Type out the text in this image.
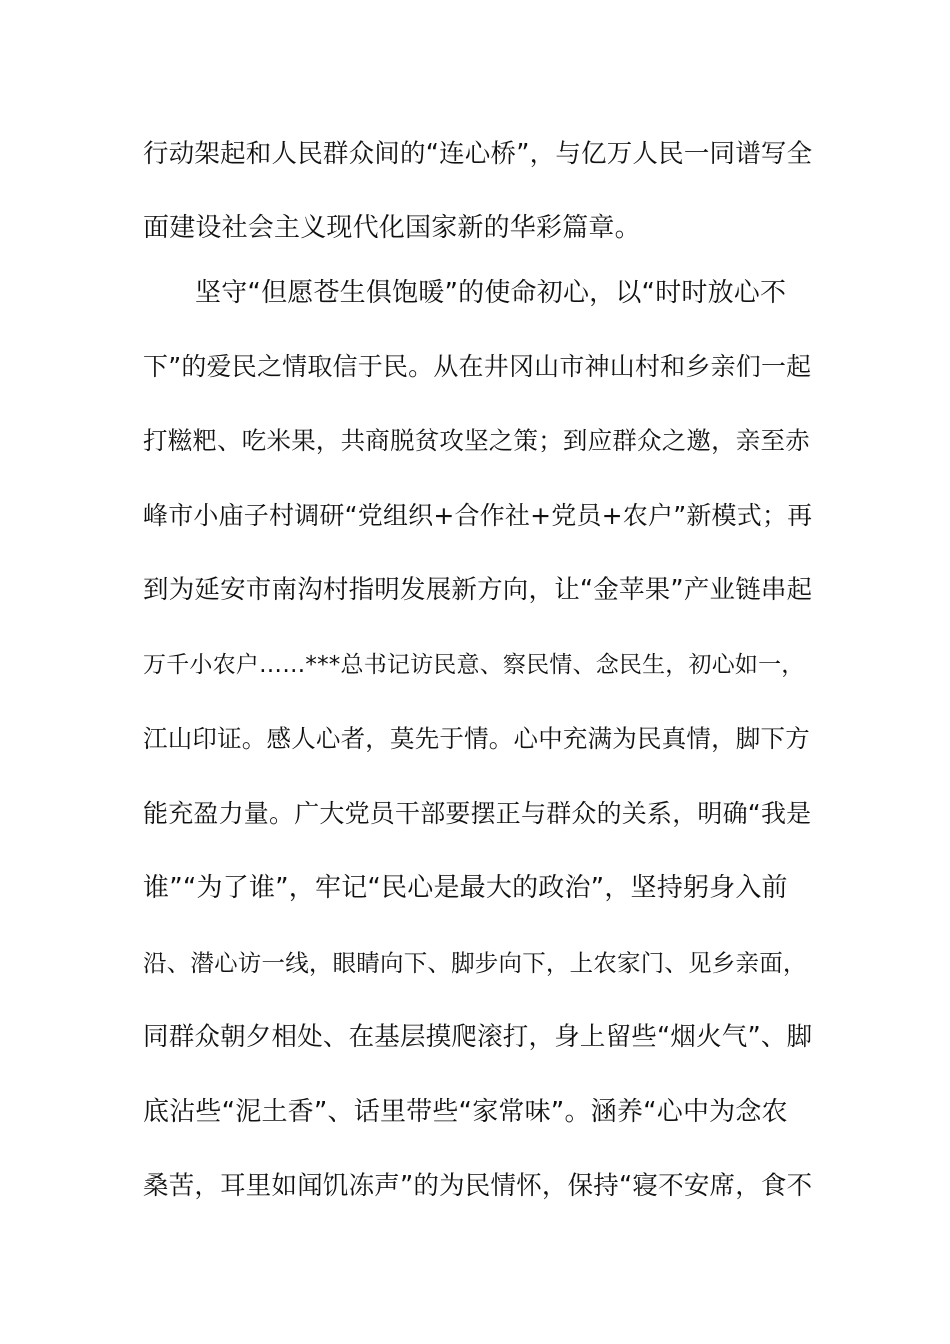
行动架起和人民群众间的“连心桥”，与亿万人民一同谱写全
面建设社会主义现代化国家新的华彩篇章。
坚守“但愿苍生俱饱暖”的使命初心，以“时时放心不
下”的爱民之情取信于民。从在井冈山市神山村和乡亲们一起
打糍粑、吃米果，共商脱贫攻坚之策；到应群众之邀，亲至赤
峰市小庙子村调研“党组织+合作社+党员+农户”新模式；再
到为延安市南沟村指明发展新方向，让“金苹果”产业链串起
万千小农户……***总书记访民意、察民情、念民生，初心如一，
江山印证。感人心者，莫先于情。心中充满为民真情，脚下方
能充盈力量。广大党员干部要摆正与群众的关系，明确“我是
谁”“为了谁”，牢记“民心是最大的政治”，坚持躬身入前
沿、潜心访一线，眼睛向下、脚步向下，上农家门、见乡亲面，
同群众朝夕相处、在基层摸爬滚打，身上留些“烟火气”、脚
底沾些“泥土香”、话里带些“家常味”。涵养“心中为念农
桑苦，耳里如闻饥冻声”的为民情怀，保持“寝不安席，食不
